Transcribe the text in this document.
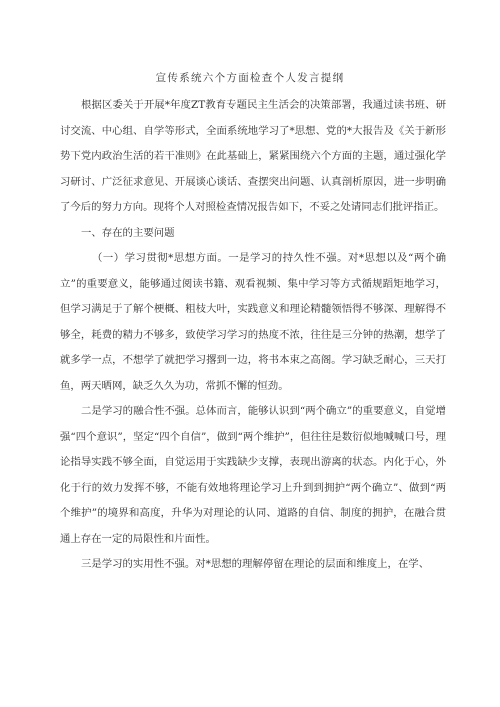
宣传系统六个方面检查个人发言提纲

根据区委关于开展*年度ZT教育专题民主生活会的决策部署，我通过读书班、研讨交流、中心组、自学等形式，全面系统地学习了*思想、党的*大报告及《关于新形势下党内政治生活的若干准则》在此基础上，紧紧围绕六个方面的主题，通过强化学习研讨、广泛征求意见、开展谈心谈话、查摆突出问题、认真剖析原因，进一步明确了今后的努力方向。现将个人对照检查情况报告如下，不妥之处请同志们批评指正。

一、存在的主要问题

（一）学习贯彻*思想方面。一是学习的持久性不强。对*思想以及“两个确立”的重要意义，能够通过阅读书籍、观看视频、集中学习等方式循规蹈矩地学习，但学习满足于了解个梗概、粗枝大叶，实践意义和理论精髓领悟得不够深、理解得不够全，耗费的精力不够多，致使学习学习的热度不浓，往往是三分钟的热潮，想学了就多学一点，不想学了就把学习撂到一边，将书本束之高阁。学习缺乏耐心，三天打鱼，两天晒网，缺乏久久为功，常抓不懈的恒劲。

二是学习的融合性不强。总体而言，能够认识到“两个确立”的重要意义，自觉增强“四个意识”，坚定“四个自信”，做到“两个维护”，但往往是数衍似地喊喊口号，理论指导实践不够全面，自觉运用于实践缺少支撑，表现出游离的状态。内化于心，外化于行的效力发挥不够，不能有效地将理论学习上升到到拥护“两个确立”、做到“两个维护”的境界和高度，升华为对理论的认同、道路的自信、制度的拥护，在融合贯通上存在一定的局限性和片面性。

三是学习的实用性不强。对*思想的理解停留在理论的层面和维度上，在学、
